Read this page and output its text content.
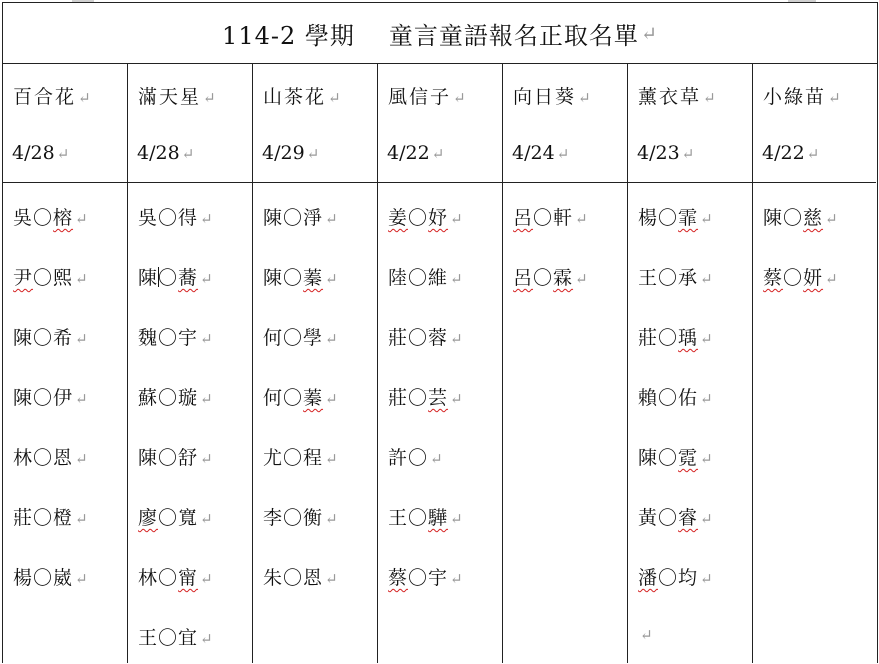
114-2 學期 童言童語報名正取名單 ↵
百合花 ↵
4/28 ↵
吳〇榕 ↵
尹〇熙 ↵
陳〇希 ↵
陳〇伊 ↵
林〇恩 ↵
莊〇橙 ↵
楊〇崴 ↵
滿天星 ↵
4/28 ↵
吳〇得 ↵
陳〇蕎 ↵
魏〇宇 ↵
蘇〇璇 ↵
陳〇舒 ↵
廖〇寬 ↵
林〇甯 ↵
王〇宜 ↵
山茶花 ↵
4/29 ↵
陳〇淨 ↵
陳〇蓁 ↵
何〇學 ↵
何〇蓁 ↵
尤〇程 ↵
李〇衡 ↵
朱〇恩 ↵
風信子 ↵
4/22 ↵
姜〇妤 ↵
陸〇維 ↵
莊〇蓉 ↵
莊〇芸 ↵
許〇 ↵
王〇驊 ↵
蔡〇宇 ↵
向日葵 ↵
4/24 ↵
呂〇軒 ↵
呂〇霖 ↵
薰衣草 ↵
4/23 ↵
楊〇霏 ↵
王〇承 ↵
莊〇瑀 ↵
賴〇佑 ↵
陳〇霓 ↵
黃〇睿 ↵
潘〇均 ↵
↵
小綠苗 ↵
4/22 ↵
陳〇慈 ↵
蔡〇妍 ↵
